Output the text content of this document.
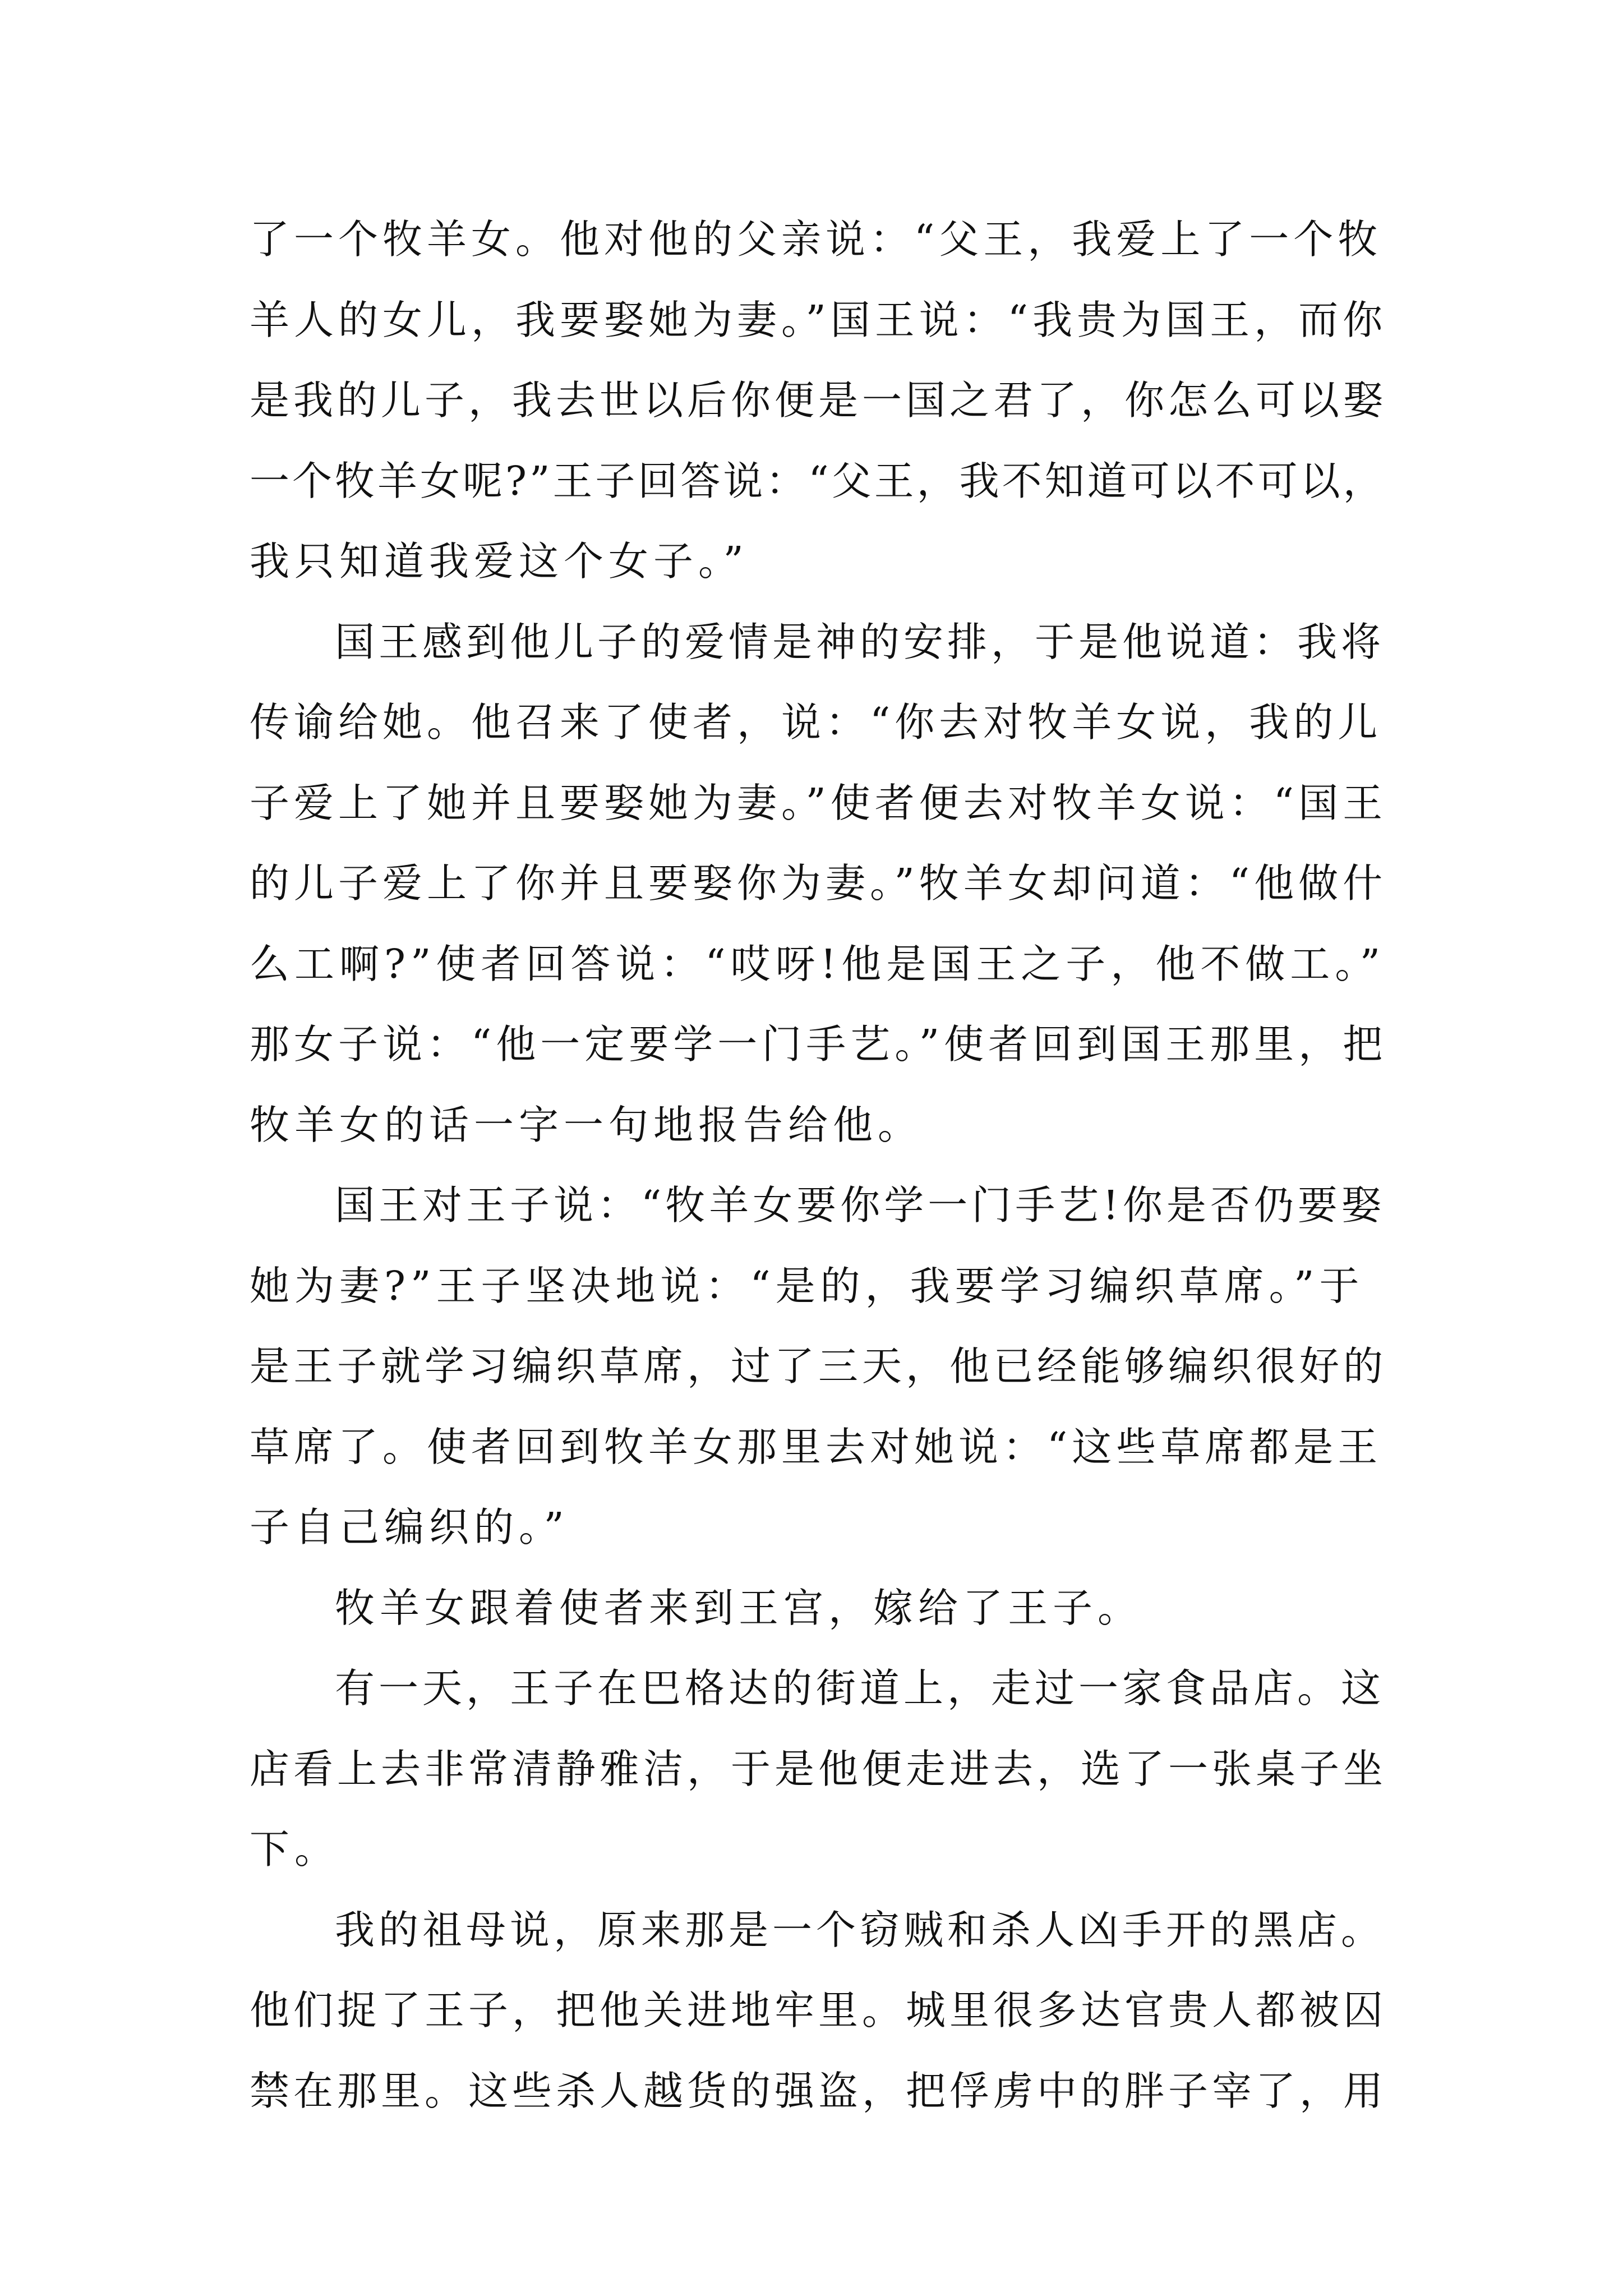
了一个牧羊女。他对他的父亲说：“父王，我爱上了一个牧
羊人的女儿，我要娶她为妻。”国王说：“我贵为国王，而你
是我的儿子，我去世以后你便是一国之君了，你怎么可以娶
一个牧羊女呢?”王子回答说：“父王，我不知道可以不可以，
我只知道我爱这个女子。”
国王感到他儿子的爱情是神的安排，于是他说道：我将
传谕给她。他召来了使者，说：“你去对牧羊女说，我的儿
子爱上了她并且要娶她为妻。”使者便去对牧羊女说：“国王
的儿子爱上了你并且要娶你为妻。”牧羊女却问道：“他做什
么工啊?”使者回答说：“哎呀!他是国王之子，他不做工。”
那女子说：“他一定要学一门手艺。”使者回到国王那里，把
牧羊女的话一字一句地报告给他。
国王对王子说：“牧羊女要你学一门手艺!你是否仍要娶
她为妻?”王子坚决地说：“是的，我要学习编织草席。”于
是王子就学习编织草席，过了三天，他已经能够编织很好的
草席了。使者回到牧羊女那里去对她说：“这些草席都是王
子自己编织的。”
牧羊女跟着使者来到王宫，嫁给了王子。
有一天，王子在巴格达的街道上，走过一家食品店。这
店看上去非常清静雅洁，于是他便走进去，选了一张桌子坐
下。
我的祖母说，原来那是一个窃贼和杀人凶手开的黑店。
他们捉了王子，把他关进地牢里。城里很多达官贵人都被囚
禁在那里。这些杀人越货的强盗，把俘虏中的胖子宰了，用
